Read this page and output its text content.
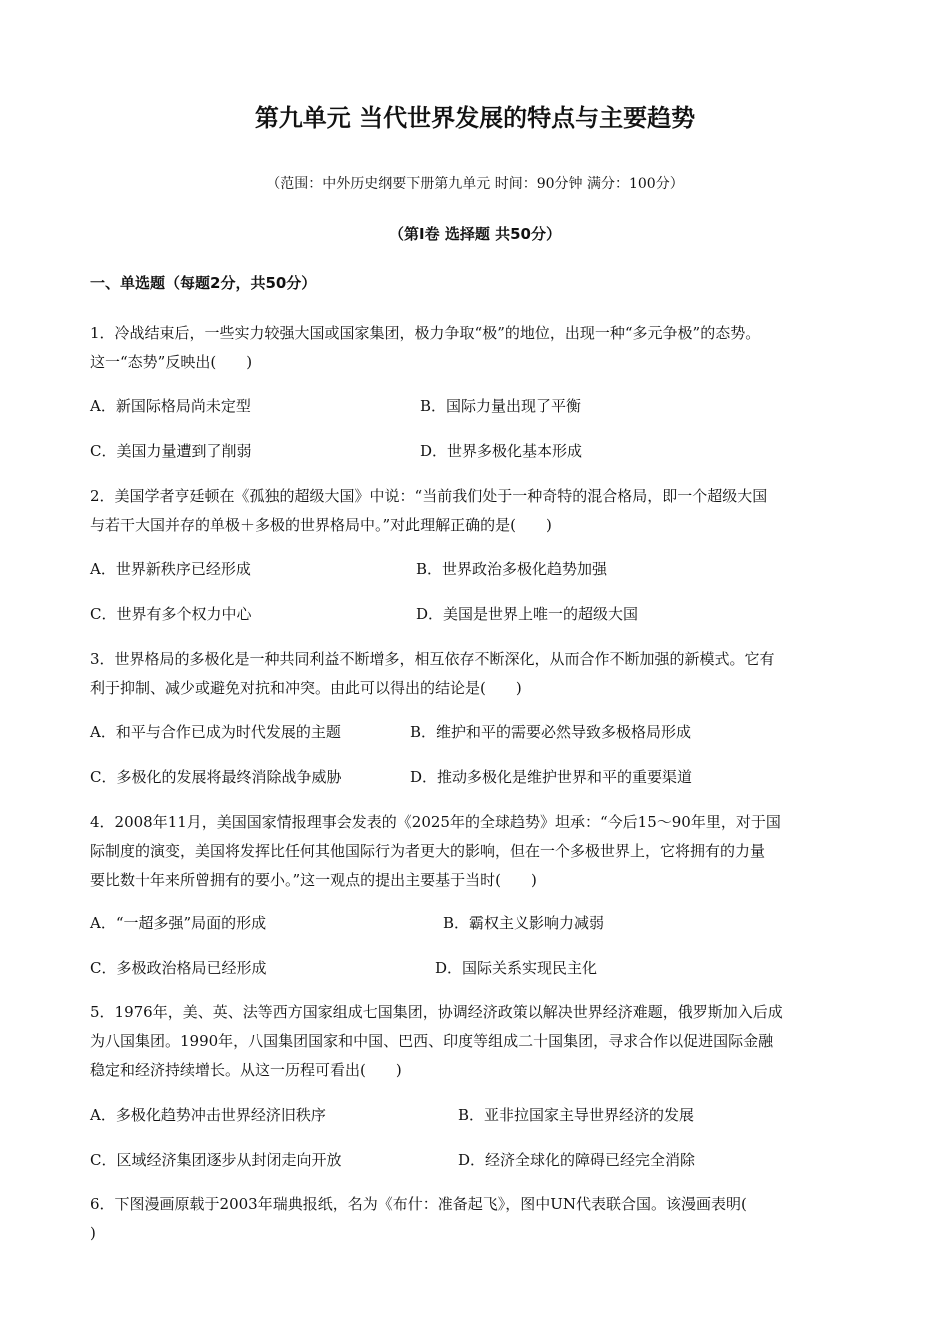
第九单元 当代世界发展的特点与主要趋势
（范围：中外历史纲要下册第九单元 时间：90分钟 满分：100分）
（第Ⅰ卷 选择题 共50分）
一、单选题（每题2分，共50分）
1．冷战结束后，一些实力较强大国或国家集团，极力争取“极”的地位，出现一种“多元争极”的态势。
这一“态势”反映出(　　)
A．新国际格局尚未定型	B．国际力量出现了平衡
C．美国力量遭到了削弱	D．世界多极化基本形成
2．美国学者亨廷顿在《孤独的超级大国》中说：“当前我们处于一种奇特的混合格局，即一个超级大国
与若干大国并存的单极＋多极的世界格局中。”对此理解正确的是(　　)
A．世界新秩序已经形成	B．世界政治多极化趋势加强
C．世界有多个权力中心	D．美国是世界上唯一的超级大国
3．世界格局的多极化是一种共同利益不断增多，相互依存不断深化，从而合作不断加强的新模式。它有
利于抑制、减少或避免对抗和冲突。由此可以得出的结论是(　　)
A．和平与合作已成为时代发展的主题	B．维护和平的需要必然导致多极格局形成
C．多极化的发展将最终消除战争威胁	D．推动多极化是维护世界和平的重要渠道
4．2008年11月，美国国家情报理事会发表的《2025年的全球趋势》坦承：“今后15～90年里，对于国
际制度的演变，美国将发挥比任何其他国际行为者更大的影响，但在一个多极世界上，它将拥有的力量
要比数十年来所曾拥有的要小。”这一观点的提出主要基于当时(　　)
A．“一超多强”局面的形成	B．霸权主义影响力减弱
C．多极政治格局已经形成	D．国际关系实现民主化
5．1976年，美、英、法等西方国家组成七国集团，协调经济政策以解决世界经济难题，俄罗斯加入后成
为八国集团。1990年，八国集团国家和中国、巴西、印度等组成二十国集团，寻求合作以促进国际金融
稳定和经济持续增长。从这一历程可看出(　　)
A．多极化趋势冲击世界经济旧秩序	B．亚非拉国家主导世界经济的发展
C．区域经济集团逐步从封闭走向开放	D．经济全球化的障碍已经完全消除
6．下图漫画原载于2003年瑞典报纸，名为《布什：准备起飞》，图中UN代表联合国。该漫画表明(
)
